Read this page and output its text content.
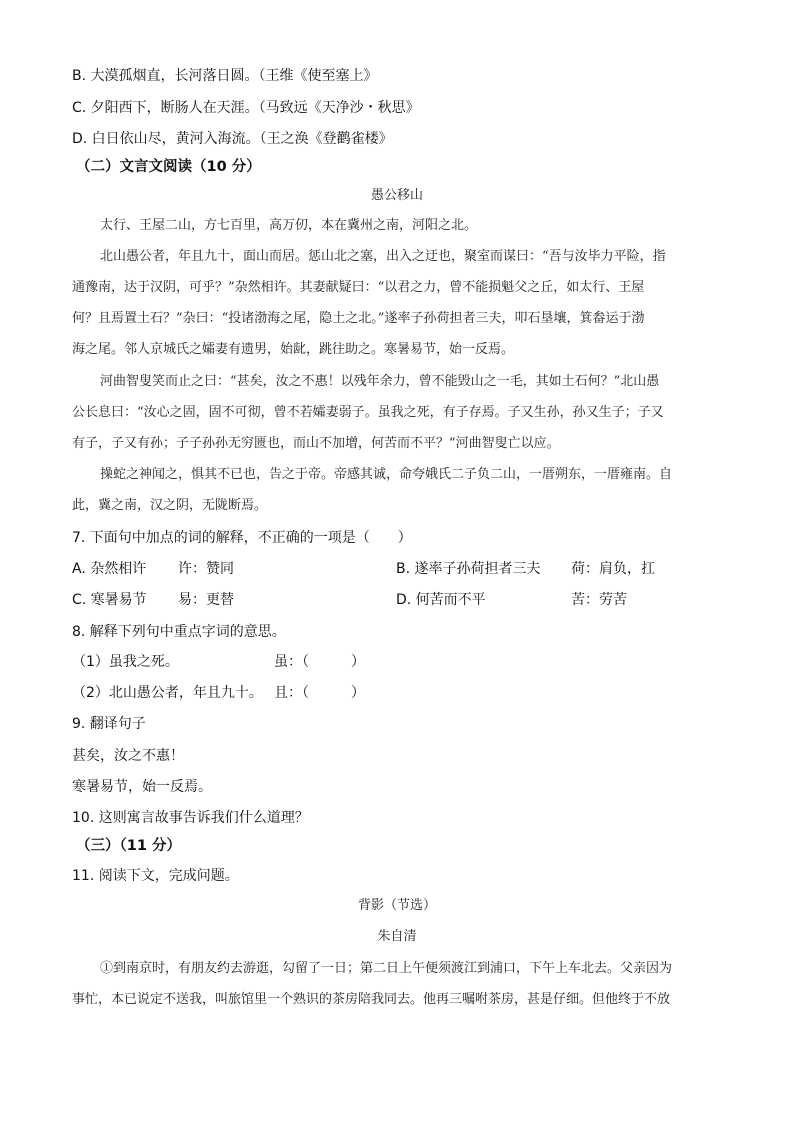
B. 大漠孤烟直，长河落日圆。（王维《使至塞上》
C. 夕阳西下，断肠人在天涯。（马致远《天净沙・秋思》
D. 白日依山尽，黄河入海流。（王之涣《登鹳雀楼》
（二）文言文阅读（10 分）
愚公移山
太行、王屋二山，方七百里，高万仞，本在冀州之南，河阳之北。
北山愚公者，年且九十，面山而居。惩山北之塞，出入之迂也，聚室而谋曰：“吾与汝毕力平险，指
通豫南，达于汉阴，可乎？”杂然相许。其妻献疑曰：“以君之力，曾不能损魁父之丘，如太行、王屋
何？且焉置土石？”杂曰：“投诸渤海之尾，隐土之北。”遂率子孙荷担者三夫，叩石垦壤，箕畚运于渤
海之尾。邻人京城氏之孀妻有遗男，始龀，跳往助之。寒暑易节，始一反焉。
河曲智叟笑而止之曰：“甚矣，汝之不惠！以残年余力，曾不能毁山之一毛，其如土石何？”北山愚
公长息曰：“汝心之固，固不可彻，曾不若孀妻弱子。虽我之死，有子存焉。子又生孙，孙又生子；子又
有子，子又有孙；子子孙孙无穷匮也，而山不加增，何苦而不平？”河曲智叟亡以应。
操蛇之神闻之，惧其不已也，告之于帝。帝感其诚，命夸娥氏二子负二山，一厝朔东，一厝雍南。自
此，冀之南，汉之阴，无陇断焉。
7. 下面句中加点的词的解释，不正确的一项是（　　）
A. 杂然相许 许：赞同	B. 遂率子孙荷担者三夫 荷：肩负，扛
C. 寒暑易节 易：更替	D. 何苦而不平	苦：劳苦
8. 解释下列句中重点字词的意思。
（1）虽我之死。	虽：（　　　）
（2）北山愚公者，年且九十。 且：（　　　）
9. 翻译句子
甚矣，汝之不惠！
寒暑易节，始一反焉。
10. 这则寓言故事告诉我们什么道理？
（三）（11 分）
11. 阅读下文，完成问题。
背影（节选）
朱自清
①到南京时，有朋友约去游逛，勾留了一日；第二日上午便须渡江到浦口，下午上车北去。父亲因为
事忙，本已说定不送我，叫旅馆里一个熟识的茶房陪我同去。他再三嘱咐茶房，甚是仔细。但他终于不放
